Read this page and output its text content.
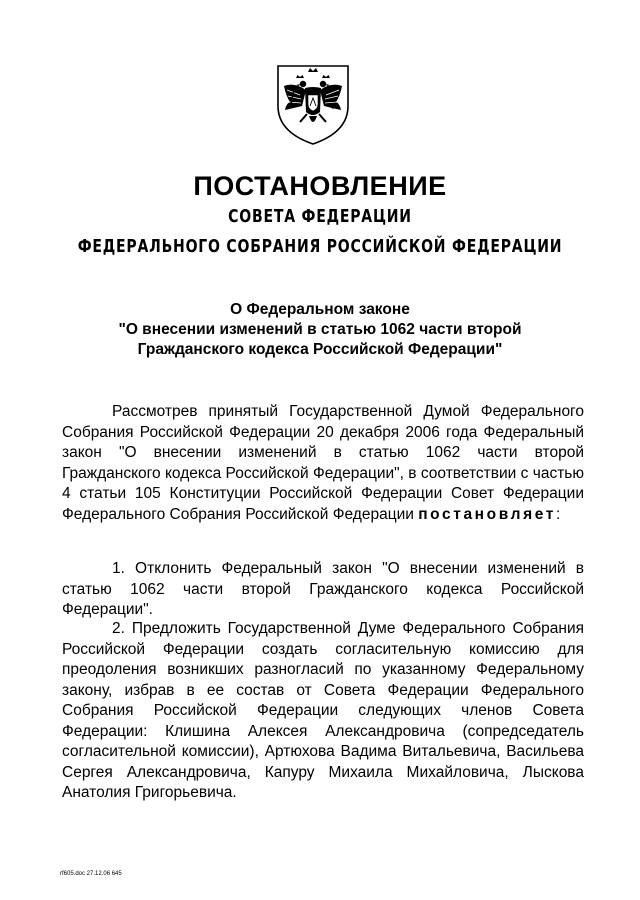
ПОСТАНОВЛЕНИЕ
СОВЕТА ФЕДЕРАЦИИ
ФЕДЕРАЛЬНОГО СОБРАНИЯ РОССИЙСКОЙ ФЕДЕРАЦИИ
О Федеральном законе
"О внесении изменений в статью 1062 части второй
Гражданского кодекса Российской Федерации"
Рассмотрев принятый Государственной Думой Федерального Собрания Российской Федерации 20 декабря 2006 года Федеральный закон "О внесении изменений в статью 1062 части второй Гражданского кодекса Российской Федерации", в соответствии с частью 4 статьи 105 Конституции Российской Федерации Совет Федерации Федерального Собрания Российской Федерации постановляет:
1. Отклонить Федеральный закон "О внесении изменений в статью 1062 части второй Гражданского кодекса Российской Федерации".
2. Предложить Государственной Думе Федерального Собрания Российской Федерации создать согласительную комиссию для преодоления возникших разногласий по указанному Федеральному закону, избрав в ее состав от Совета Федерации Федерального Собрания Российской Федерации следующих членов Совета Федерации: Клишина Алексея Александровича (сопредседатель согласительной комиссии), Артюхова Вадима Витальевича, Васильева Сергея Александровича, Капуру Михаила Михайловича, Лыскова Анатолия Григорьевича.
rf605.doc 27.12.06 645
